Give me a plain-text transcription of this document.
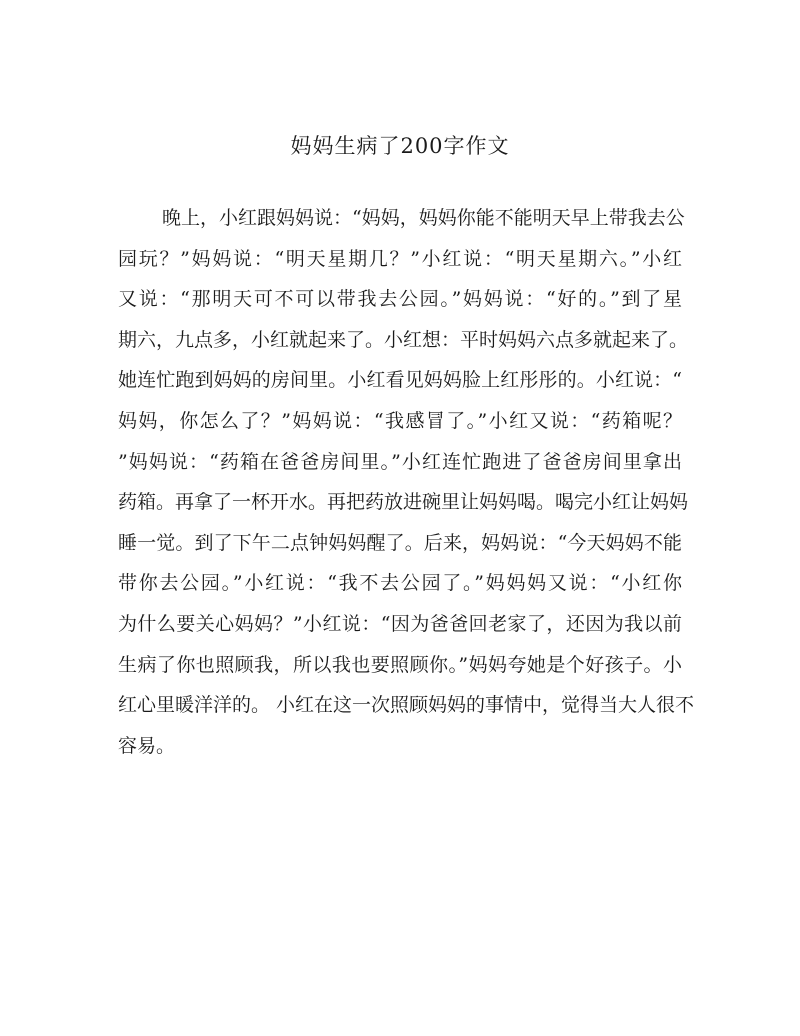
妈妈生病了200字作文
晚上，小红跟妈妈说：“妈妈，妈妈你能不能明天早上带我去公
园玩？”妈妈说：“明天星期几？”小红说：“明天星期六。”小红
又说：“那明天可不可以带我去公园。”妈妈说：“好的。”到了星
期六，九点多，小红就起来了。小红想：平时妈妈六点多就起来了。
她连忙跑到妈妈的房间里。小红看见妈妈脸上红彤彤的。小红说：“
妈妈，你怎么了？”妈妈说：“我感冒了。”小红又说：“药箱呢？
”妈妈说：“药箱在爸爸房间里。”小红连忙跑进了爸爸房间里拿出
药箱。再拿了一杯开水。再把药放进碗里让妈妈喝。喝完小红让妈妈
睡一觉。到了下午二点钟妈妈醒了。后来，妈妈说：“今天妈妈不能
带你去公园。”小红说：“我不去公园了。”妈妈妈又说：“小红你
为什么要关心妈妈？”小红说：“因为爸爸回老家了，还因为我以前
生病了你也照顾我，所以我也要照顾你。”妈妈夸她是个好孩子。小
红心里暖洋洋的。 小红在这一次照顾妈妈的事情中，觉得当大人很不
容易。
